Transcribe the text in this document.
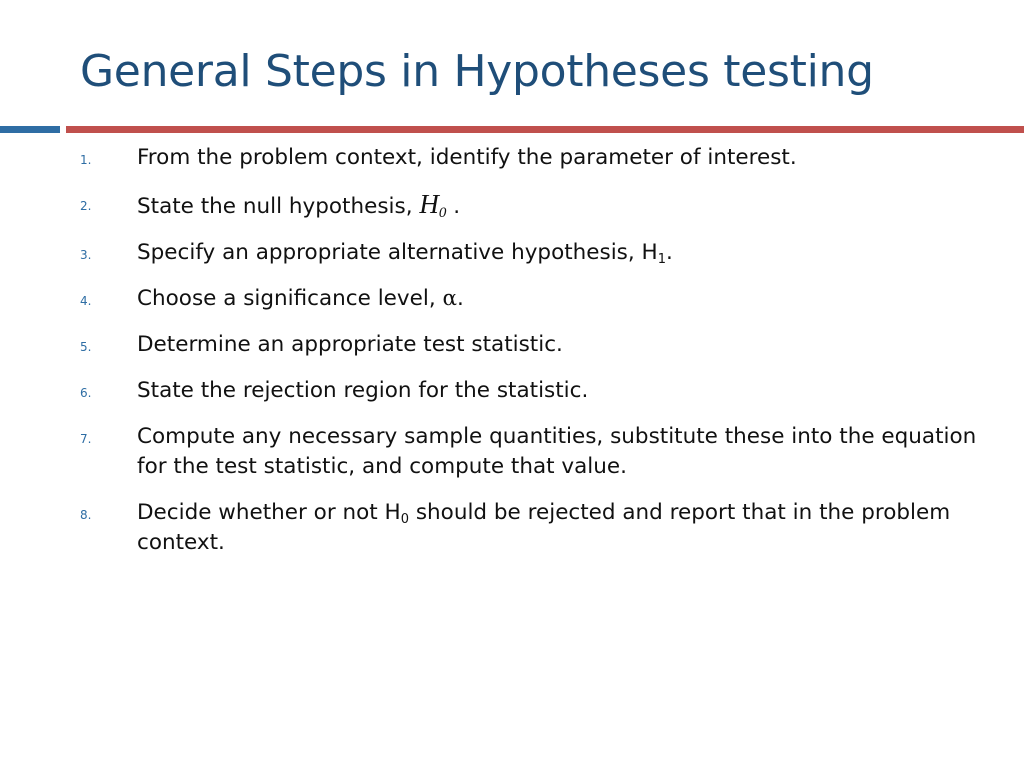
General Steps in Hypotheses testing
1. From the problem context, identify the parameter of interest.
2. State the null hypothesis, $H_0$ .
3. Specify an appropriate alternative hypothesis, $H_1$.
4. Choose a significance level, α.
5. Determine an appropriate test statistic.
6. State the rejection region for the statistic.
7. Compute any necessary sample quantities, substitute these into the equation for the test statistic, and compute that value.
8. Decide whether or not $H_0$ should be rejected and report that in the problem context.
